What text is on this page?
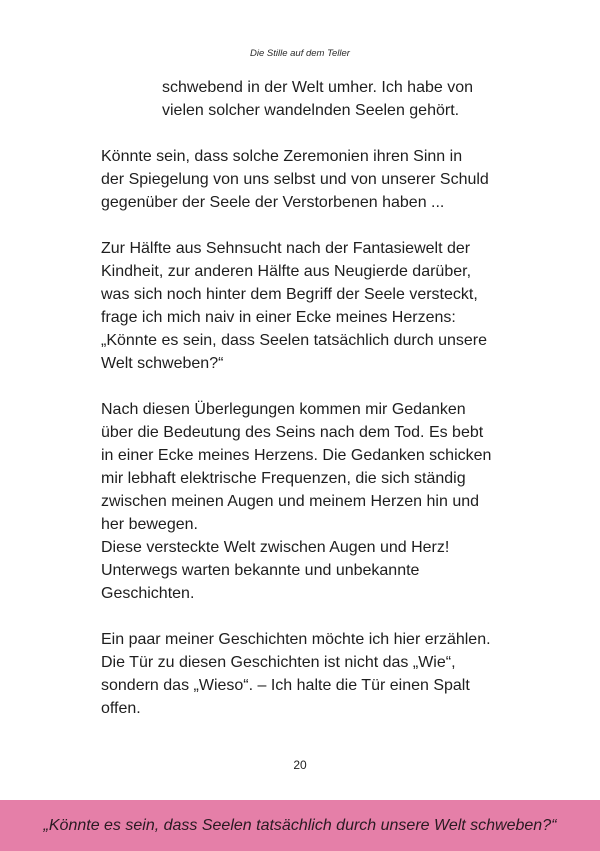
Die Stille auf dem Teller
schwebend in der Welt umher. Ich habe von
vielen solcher wandelnden Seelen gehört.
Könnte sein, dass solche Zeremonien ihren Sinn in
der Spiegelung von uns selbst und von unserer Schuld
gegenüber der Seele der Verstorbenen haben ...
Zur Hälfte aus Sehnsucht nach der Fantasiewelt der
Kindheit, zur anderen Hälfte aus Neugierde darüber,
was sich noch hinter dem Begriff der Seele versteckt,
frage ich mich naiv in einer Ecke meines Herzens:
„Könnte es sein, dass Seelen tatsächlich durch unsere
Welt schweben?“
Nach diesen Überlegungen kommen mir Gedanken
über die Bedeutung des Seins nach dem Tod. Es bebt
in einer Ecke meines Herzens. Die Gedanken schicken
mir lebhaft elektrische Frequenzen, die sich ständig
zwischen meinen Augen und meinem Herzen hin und
her bewegen.
Diese versteckte Welt zwischen Augen und Herz!
Unterwegs warten bekannte und unbekannte
Geschichten.
Ein paar meiner Geschichten möchte ich hier erzählen.
Die Tür zu diesen Geschichten ist nicht das „Wie“,
sondern das „Wieso“. – Ich halte die Tür einen Spalt
offen.
20
„Könnte es sein, dass Seelen tatsächlich durch unsere Welt schweben?“
